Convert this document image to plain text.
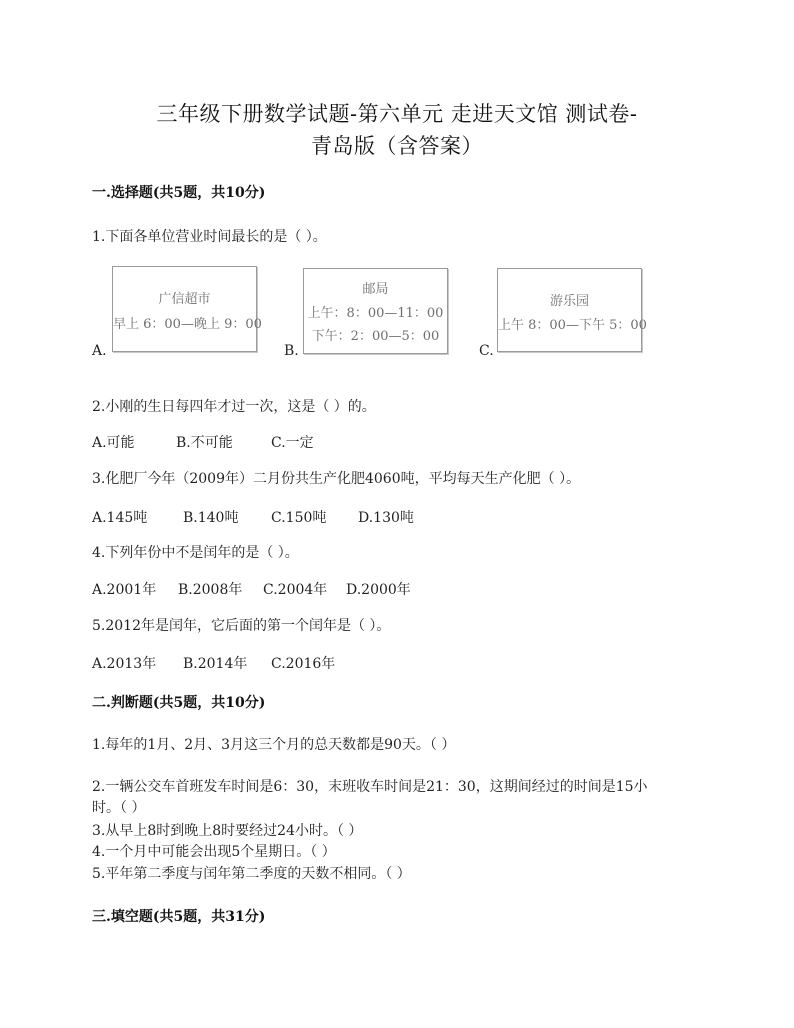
三年级下册数学试题-第六单元 走进天文馆 测试卷-
青岛版（含答案）
一.选择题(共5题，共10分)
1.下面各单位营业时间最长的是（ ）。
A.
广信超市
早上 6：00—晚上 9：00
B.
邮局
上午：8：00—11：00
下午：2：00—5：00
C.
游乐园
上午 8：00—下午 5：00
2.小刚的生日每四年才过一次，这是（ ）的。
A.可能	B.不可能	C.一定
3.化肥厂今年（2009年）二月份共生产化肥4060吨，平均每天生产化肥（ ）。
A.145吨	B.140吨 C.150吨 D.130吨
4.下列年份中不是闰年的是（ ）。
A.2001年 B.2008年 C.2004年 D.2000年
5.2012年是闰年，它后面的第一个闰年是（ ）。
A.2013年 B.2014年 C.2016年
二.判断题(共5题，共10分)
1.每年的1月、2月、3月这三个月的总天数都是90天。（ ）
2.一辆公交车首班发车时间是6：30，末班收车时间是21：30，这期间经过的时间是15小
时。（ ）
3.从早上8时到晚上8时要经过24小时。（ ）
4.一个月中可能会出现5个星期日。（ ）
5.平年第二季度与闰年第二季度的天数不相同。（ ）
三.填空题(共5题，共31分)
